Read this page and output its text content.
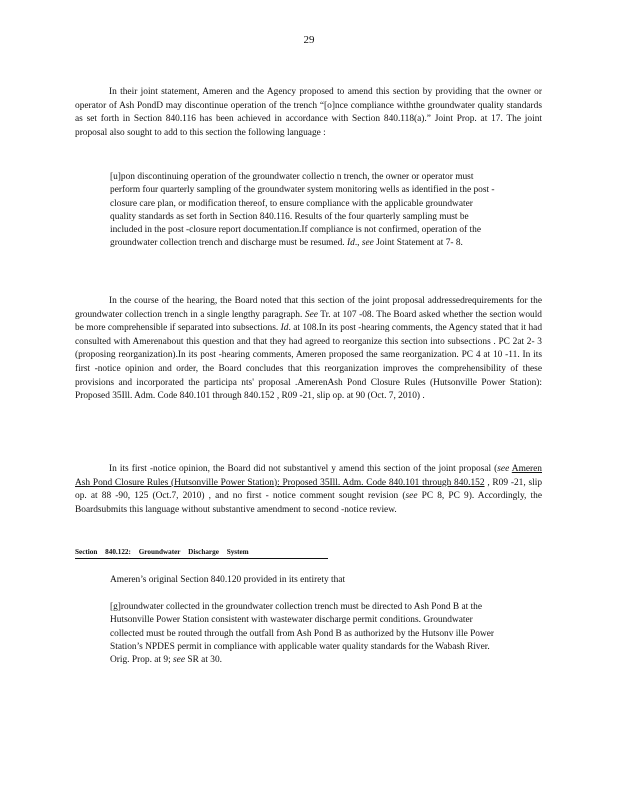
29

In their joint statement, Ameren and the Agency proposed to amend this section by providing that the owner or operator of Ash PondD may discontinue operation of the trench “[o]nce compliance withthe groundwater quality standards as set forth in Section 840.116 has been achieved in accordance with Section 840.118(a).” Joint Prop. at 17. The joint proposal also sought to add to this section the following language :

[u]pon discontinuing operation of the groundwater collectio n trench, the owner or operator must perform four quarterly sampling of the groundwater system monitoring wells as identified in the post -closure care plan, or modification thereof, to ensure compliance with the applicable groundwater quality standards as set forth in Section 840.116. Results of the four quarterly sampling must be included in the post -closure report documentation.If compliance is not confirmed, operation of the groundwater collection trench and discharge must be resumed. Id., see Joint Statement at 7- 8.

In the course of the hearing, the Board noted that this section of the joint proposal addressedrequirements for the groundwater collection trench in a single lengthy paragraph. See Tr. at 107 -08. The Board asked whether the section would be more comprehensible if separated into subsections. Id. at 108.In its post -hearing comments, the Agency stated that it had consulted with Amerenabout this question and that they had agreed to reorganize this section into subsections . PC 2at 2- 3 (proposing reorganization).In its post -hearing comments, Ameren proposed the same reorganization. PC 4 at 10 -11. In its first -notice opinion and order, the Board concludes that this reorganization improves the comprehensibility of these provisions and incorporated the participa nts' proposal .AmerenAsh Pond Closure Rules (Hutsonville Power Station): Proposed 35Ill. Adm. Code 840.101 through 840.152 , R09 -21, slip op. at 90 (Oct. 7, 2010) .

In its first -notice opinion, the Board did not substantivel y amend this section of the joint proposal (see Ameren Ash Pond Closure Rules (Hutsonville Power Station): Proposed 35Ill. Adm. Code 840.101 through 840.152 , R09 -21, slip op. at 88 -90, 125 (Oct.7, 2010) , and no first - notice comment sought revision (see PC 8, PC 9). Accordingly, the Boardsubmits this language without substantive amendment to second -notice review.

Section 840.122: Groundwater Discharge System

Ameren’s original Section 840.120 provided in its entirety that

[g]roundwater collected in the groundwater collection trench must be directed to Ash Pond B at the Hutsonville Power Station consistent with wastewater discharge permit conditions. Groundwater collected must be routed through the outfall from Ash Pond B as authorized by the Hutsonv ille Power Station’s NPDES permit in compliance with applicable water quality standards for the Wabash River. Orig. Prop. at 9; see SR at 30.
